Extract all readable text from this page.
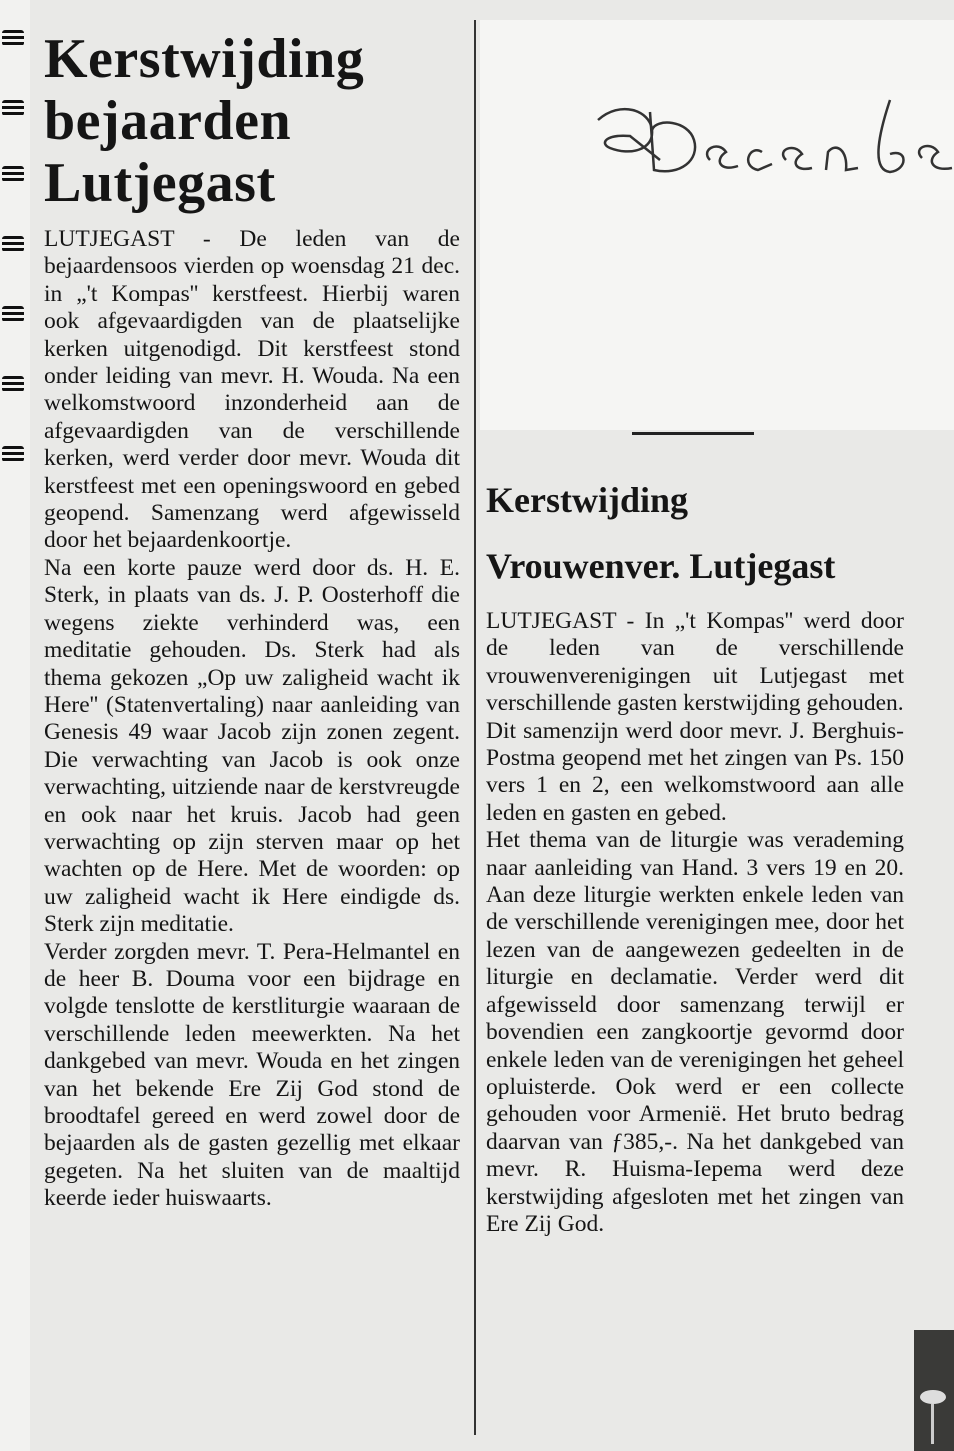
Kerstwijding
bejaarden
Lutjegast

LUTJEGAST - De leden van de bejaardensoos vierden op woensdag 21 dec. in „'t Kompas'' kerstfeest. Hierbij waren ook afgevaardigden van de plaatselijke kerken uitgenodigd. Dit kerstfeest stond onder leiding van mevr. H. Wouda. Na een welkomstwoord inzonderheid aan de afgevaardigden van de verschillende kerken, werd verder door mevr. Wouda dit kerstfeest met een openingswoord en gebed geopend. Samenzang werd afgewisseld door het bejaardenkoortje.

Na een korte pauze werd door ds. H. E. Sterk, in plaats van ds. J. P. Oosterhoff die wegens ziekte verhinderd was, een meditatie gehouden. Ds. Sterk had als thema gekozen „Op uw zaligheid wacht ik Here'' (Statenvertaling) naar aanleiding van Genesis 49 waar Jacob zijn zonen zegent. Die verwachting van Jacob is ook onze verwachting, uitziende naar de kerstvreugde en ook naar het kruis. Jacob had geen verwachting op zijn sterven maar op het wachten op de Here. Met de woorden: op uw zaligheid wacht ik Here eindigde ds. Sterk zijn meditatie.

Verder zorgden mevr. T. Pera-Helmantel en de heer B. Douma voor een bijdrage en volgde tenslotte de kerstliturgie waaraan de verschillende leden meewerkten. Na het dankgebed van mevr. Wouda en het zingen van het bekende Ere Zij God stond de broodtafel gereed en werd zowel door de bejaarden als de gasten gezellig met elkaar gegeten. Na het sluiten van de maaltijd keerde ieder huiswaarts.

Kerstwijding
Vrouwenver. Lutjegast

LUTJEGAST - In „'t Kompas'' werd door de leden van de verschillende vrouwenverenigingen uit Lutjegast met verschillende gasten kerstwijding gehouden.

Dit samenzijn werd door mevr. J. Berghuis-Postma geopend met het zingen van Ps. 150 vers 1 en 2, een welkomstwoord aan alle leden en gasten en gebed.

Het thema van de liturgie was verademing naar aanleiding van Hand. 3 vers 19 en 20. Aan deze liturgie werkten enkele leden van de verschillende verenigingen mee, door het lezen van de aangewezen gedeelten in de liturgie en declamatie. Verder werd dit afgewisseld door samenzang terwijl er bovendien een zangkoortje gevormd door enkele leden van de verenigingen het geheel opluisterde. Ook werd er een collecte gehouden voor Armenië. Het bruto bedrag daarvan van ƒ385,-. Na het dankgebed van mevr. R. Huisma-Iepema werd deze kerstwijding afgesloten met het zingen van Ere Zij God.
